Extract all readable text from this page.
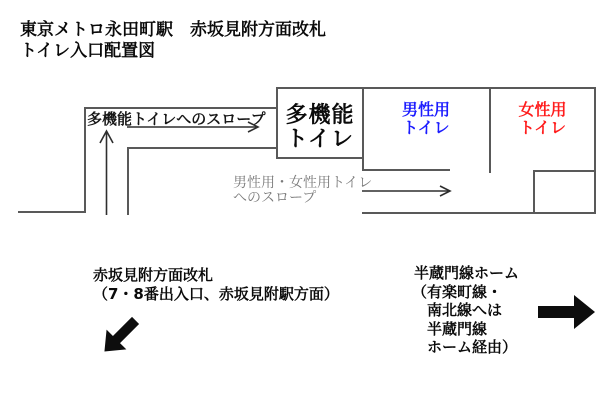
東京メトロ永田町駅　赤坂見附方面改札
トイレ入口配置図
多機能トイレへのスロープ 多機能
トイレ
男性用
トイレ
女性用
トイレ
男性用・女性用トイレ
へのスロープ
赤坂見附方面改札
（7・8番出入口、赤坂見附駅方面）
半蔵門線ホーム
（有楽町線・
南北線へは
半蔵門線
ホーム経由）
